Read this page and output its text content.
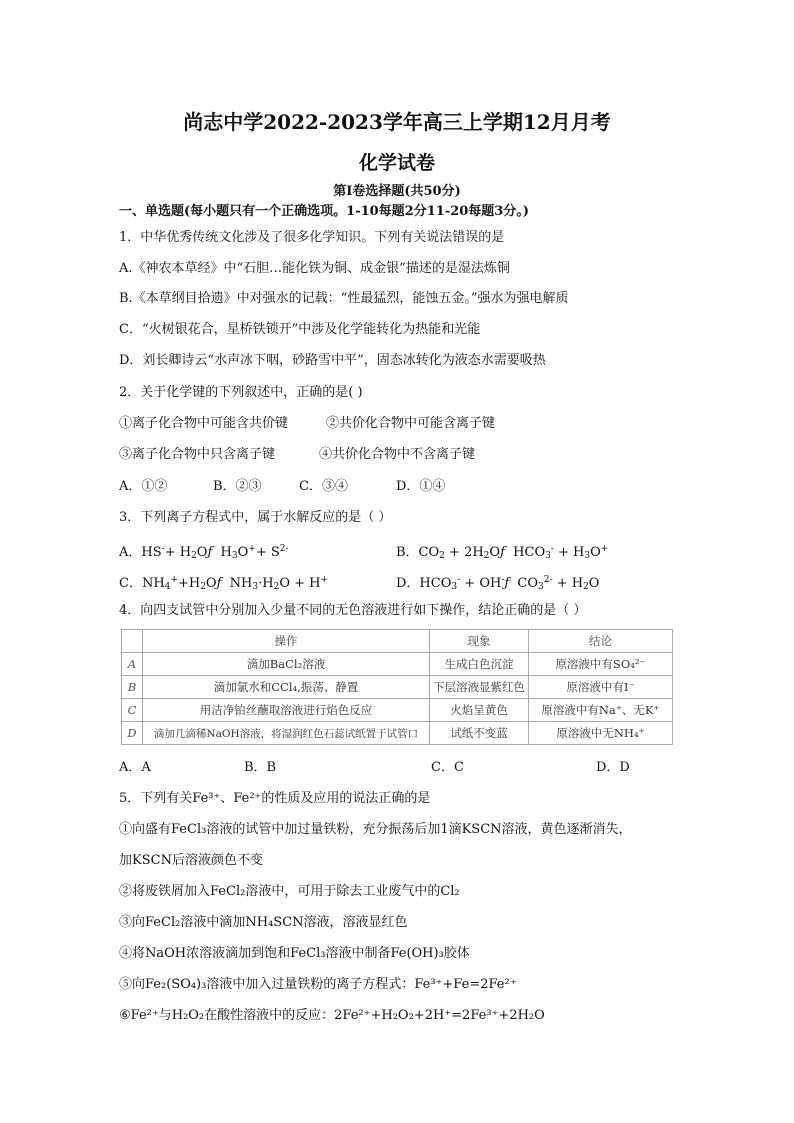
尚志中学2022-2023学年高三上学期12月月考
化学试卷
第I卷选择题(共50分)
一、单选题(每小题只有一个正确选项。1-10每题2分11-20每题3分。)
1．中华优秀传统文化涉及了很多化学知识。下列有关说法错误的是
A.《神农本草经》中“石胆…能化铁为铜、成金银”描述的是湿法炼铜
B.《本草纲目拾遗》中对强水的记载：“性最猛烈，能蚀五金。”强水为强电解质
C．“火树银花合，星桥铁锁开”中涉及化学能转化为热能和光能
D．刘长卿诗云“水声冰下咽，砂路雪中平”，固态冰转化为液态水需要吸热
2．关于化学键的下列叙述中，正确的是( )
①离子化合物中可能含共价键	②共价化合物中可能含离子键
③离子化合物中只含离子键	④共价化合物中不含离子键
A．①②	B．②③	C．③④	D．①④
3．下列离子方程式中，属于水解反应的是（ ）
A．$HS^-+ H_2Oƒ$  $H_3O^++ S^{2-}$	B．$CO_2$ + $2H_2Oƒ$  $HCO_3^- + H_3O^+$
C．$NH_4^++H_2Oƒ$  $NH_3\cdot H_2O + H^+$	D．$HCO_3^-$ + OH-ƒ  $CO_3^{2-} + H_2O$
4．向四支试管中分别加入少量不同的无色溶液进行如下操作，结论正确的是（ ）
	操作	现象	结论
A	滴加BaCl₂溶液	生成白色沉淀	原溶液中有SO₄²⁻
B	滴加氯水和CCl₄,振荡、静置	下层溶液显紫红色	原溶液中有I⁻
C	用洁净铂丝蘸取溶液进行焰色反应	火焰呈黄色	原溶液中有Na⁺、无K⁺
D	滴加几滴稀NaOH溶液，将湿润红色石蕊试纸置于试管口	试纸不变蓝	原溶液中无NH₄⁺
A．A	B．B	C．C	D．D
5．下列有关Fe³⁺、Fe²⁺的性质及应用的说法正确的是
①向盛有FeCl₃溶液的试管中加过量铁粉，充分振荡后加1滴KSCN溶液，黄色逐渐消失，
加KSCN后溶液颜色不变
②将废铁屑加入FeCl₂溶液中，可用于除去工业废气中的Cl₂
③向FeCl₂溶液中滴加NH₄SCN溶液，溶液显红色
④将NaOH浓溶液滴加到饱和FeCl₃溶液中制备Fe(OH)₃胶体
⑤向Fe₂(SO₄)₃溶液中加入过量铁粉的离子方程式：Fe³⁺+Fe=2Fe²⁺
⑥Fe²⁺与H₂O₂在酸性溶液中的反应：2Fe²⁺+H₂O₂+2H⁺=2Fe³⁺+2H₂O
